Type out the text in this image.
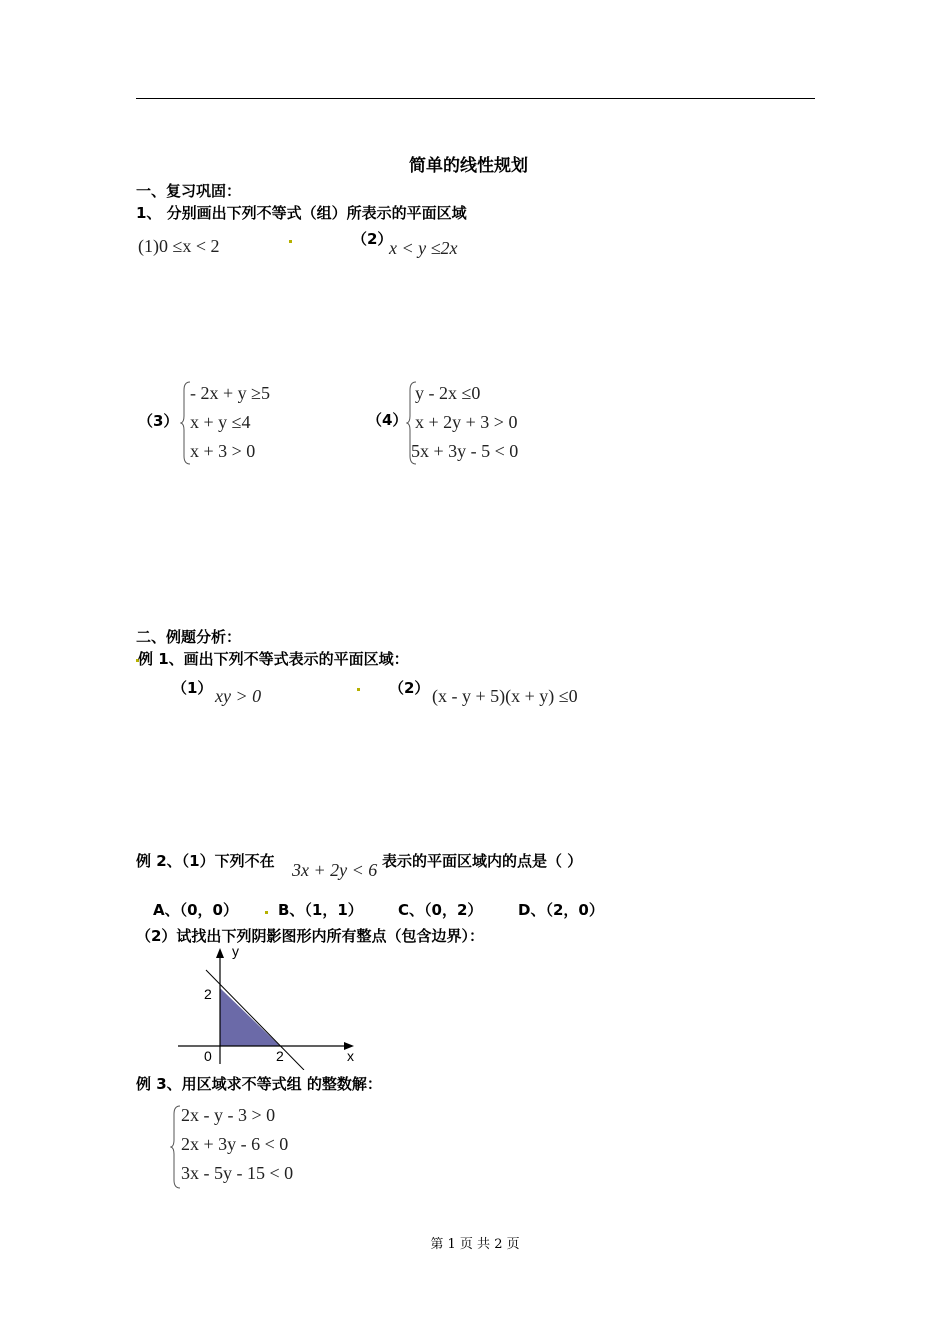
简单的线性规划
一、复习巩固：
1、 分别画出下列不等式（组）所表示的平面区域
(1)0 ≤x < 2	（2）
x < y ≤2x
（3）
- 2x + y ≥5
x + y ≤4
x + 3 > 0
（4）
y - 2x ≤0
x + 2y + 3 > 0
5x + 3y - 5 < 0
二、例题分析：
例 1、画出下列不等式表示的平面区域：
（1） xy > 0	（2） (x - y + 5)(x + y) ≤0
例 2、（1）下列不在 3x + 2y < 6 表示的平面区域内的点是（ ）
A、（0，0）	B、（1，1） C、（0，2） D、（2，0）
（2）试找出下列阴影图形内所有整点（包含边界）：
y
2
0	2	x
例 3、用区域求不等式组 的整数解：
2x - y - 3 > 0
2x + 3y - 6 < 0
3x - 5y - 15 < 0
第 1 页 共 2 页
